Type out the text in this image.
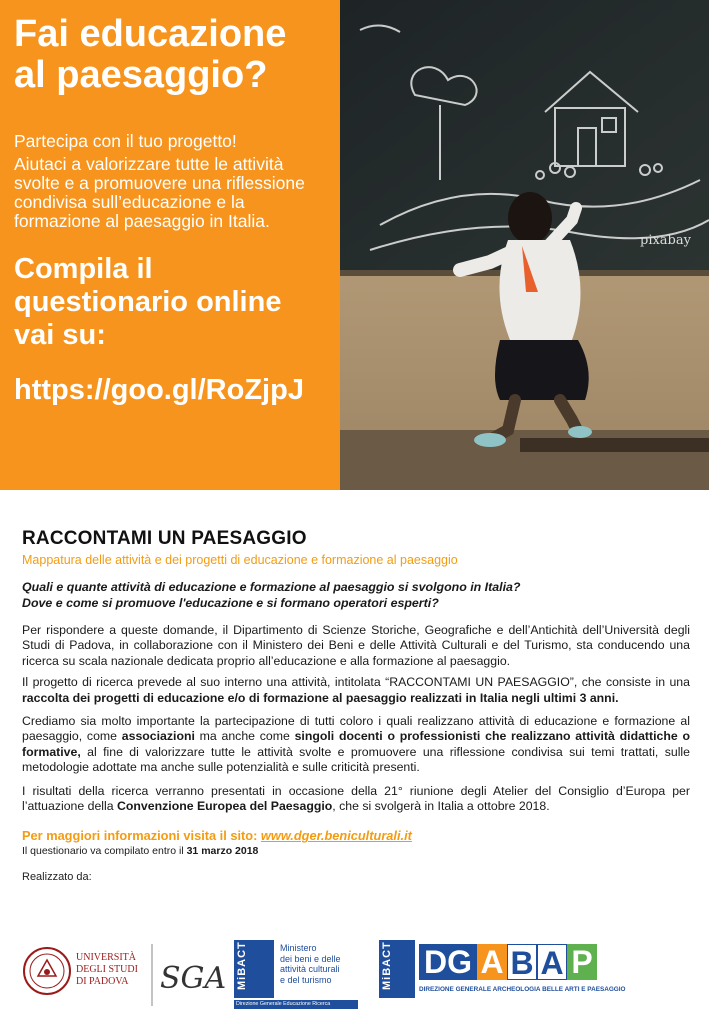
Fai educazione
al paesaggio?

Partecipa con il tuo progetto!

Aiutaci a valorizzare tutte le attività svolte e a promuovere una riflessione condivisa sull’educazione e la formazione al paesaggio in Italia.

Compila il
questionario online
vai su:
https://goo.gl/RoZjpJ
pixabay
RACCONTAMI UN PAESAGGIO
Mappatura delle attività e dei progetti di educazione e formazione al paesaggio
Quali e quante attività di educazione e formazione al paesaggio si svolgono in Italia?
Dove e come si promuove l'educazione e si formano operatori esperti?

Per rispondere a queste domande, il Dipartimento di Scienze Storiche, Geografiche e dell’Antichità dell’Università degli Studi di Padova, in collaborazione con il Ministero dei Beni e delle Attività Culturali e del Turismo, sta conducendo una ricerca su scala nazionale dedicata proprio all’educazione e alla formazione al paesaggio.

Il progetto di ricerca prevede al suo interno una attività, intitolata “RACCONTAMI UN PAESAGGIO”, che consiste in una raccolta dei progetti di educazione e/o di formazione al paesaggio realizzati in Italia negli ultimi 3 anni.

Crediamo sia molto importante la partecipazione di tutti coloro i quali realizzano attività di educazione e formazione al paesaggio, come associazioni ma anche come singoli docenti o professionisti che realizzano attività didattiche o formative, al fine di valorizzare tutte le attività svolte e promuovere una riflessione condivisa sui temi trattati, sulle metodologie adottate ma anche sulle potenzialità e sulle criticità presenti.

I risultati della ricerca verranno presentati in occasione della 21° riunione degli Atelier del Consiglio d’Europa per l’attuazione della Convenzione Europea del Paesaggio, che si svolgerà in Italia a ottobre 2018.

Per maggiori informazioni visita il sito: www.dger.beniculturali.it
Il questionario va compilato entro il 31 marzo 2018
Realizzato da:
UNIVERSITÀ
DEGLI STUDI
DI PADOVA	SGA MiBACT	Ministero
dei beni e delle
attività culturali
e del turismo
Direzione Generale Educazione Ricerca
MiBACT DG A B A P
DIREZIONE GENERALE ARCHEOLOGIA BELLE ARTI E PAESAGGIO
